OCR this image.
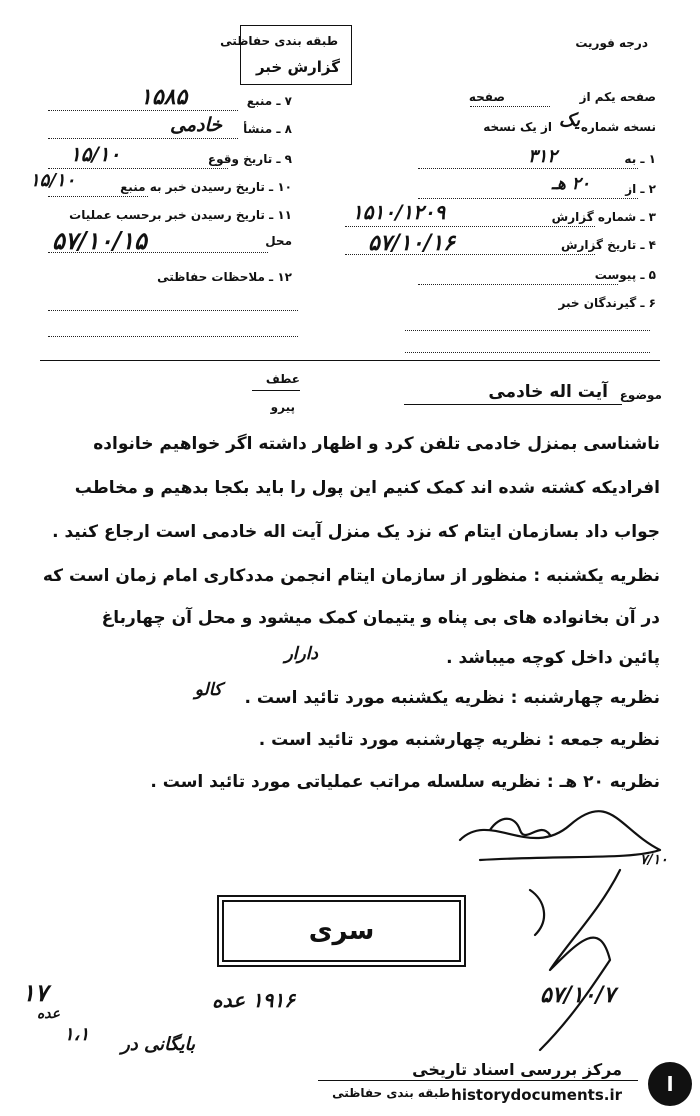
درجه فوریت
طبقه بندی حفاظتی
گزارش خبر
صفحه یکم از
صفحه
نسخه شماره
یک
از یک نسخه
۱ ـ به
۳۱۲
۲ ـ از
۲۰ هـ
۳ ـ شماره گزارش
۱۵۱۰/۱۲۰۹
۴ ـ تاریخ گزارش
۵۷/۱۰/۱۶
۵ ـ پیوست
۶ ـ گیرندگان خبر
۷ ـ منبع
۱۵۸۵
۸ ـ منشأ
خادمی
۹ ـ تاریخ وقوع
۱۵/۱۰
۱۰ ـ تاریخ رسیدن خبر به منبع
۱۵/۱۰
۱۱ ـ تاریخ رسیدن خبر برحسب عملیات
محل
۵۷/۱۰/۱۵
۱۲ ـ ملاحظات حفاظتی
عطف
پیرو
موضوع
آیت اله خادمی
ناشناسی بمنزل خادمی تلفن کرد و اظهار داشته اگر خواهیم خانواده
افرادیکه کشته شده اند کمک کنیم این پول را باید بکجا بدهیم و مخاطب
جواب داد بسازمان ایتام که نزد یک منزل آیت اله خادمی است ارجاع کنید .
نظریه یکشنبه : منظور از سازمان ایتام انجمن مددکاری امام زمان است که
در آن بخانواده های بی پناه و یتیمان کمک میشود و محل آن چهارباغ
پائین داخل کوچه میباشد .
دارار
نظریه چهارشنبه : نظریه یکشنبه مورد تائید است .
کالو
نظریه جمعه : نظریه چهارشنبه مورد تائید است .
نظریه ۲۰ هـ : نظریه سلسله مراتب عملیاتی مورد تائید است .
۷/۱۰
۵۷/۱۰/۷
سری
۱۷
عده
۱۹۱۶ عده
بایگانی در
۱،۱
طبقه بندی حفاظتی
مرکز بررسی اسناد تاریخی
historydocuments.ir	ا
